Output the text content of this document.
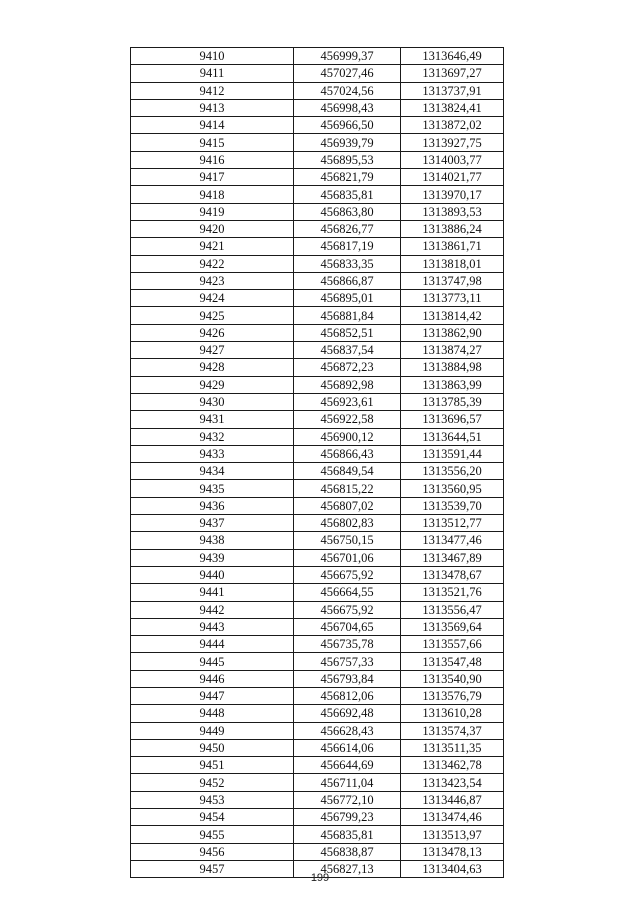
9410	456999,37	1313646,49
9411	457027,46	1313697,27
9412	457024,56	1313737,91
9413	456998,43	1313824,41
9414	456966,50	1313872,02
9415	456939,79	1313927,75
9416	456895,53	1314003,77
9417	456821,79	1314021,77
9418	456835,81	1313970,17
9419	456863,80	1313893,53
9420	456826,77	1313886,24
9421	456817,19	1313861,71
9422	456833,35	1313818,01
9423	456866,87	1313747,98
9424	456895,01	1313773,11
9425	456881,84	1313814,42
9426	456852,51	1313862,90
9427	456837,54	1313874,27
9428	456872,23	1313884,98
9429	456892,98	1313863,99
9430	456923,61	1313785,39
9431	456922,58	1313696,57
9432	456900,12	1313644,51
9433	456866,43	1313591,44
9434	456849,54	1313556,20
9435	456815,22	1313560,95
9436	456807,02	1313539,70
9437	456802,83	1313512,77
9438	456750,15	1313477,46
9439	456701,06	1313467,89
9440	456675,92	1313478,67
9441	456664,55	1313521,76
9442	456675,92	1313556,47
9443	456704,65	1313569,64
9444	456735,78	1313557,66
9445	456757,33	1313547,48
9446	456793,84	1313540,90
9447	456812,06	1313576,79
9448	456692,48	1313610,28
9449	456628,43	1313574,37
9450	456614,06	1313511,35
9451	456644,69	1313462,78
9452	456711,04	1313423,54
9453	456772,10	1313446,87
9454	456799,23	1313474,46
9455	456835,81	1313513,97
9456	456838,87	1313478,13
9457	456827,13	1313404,63
199
